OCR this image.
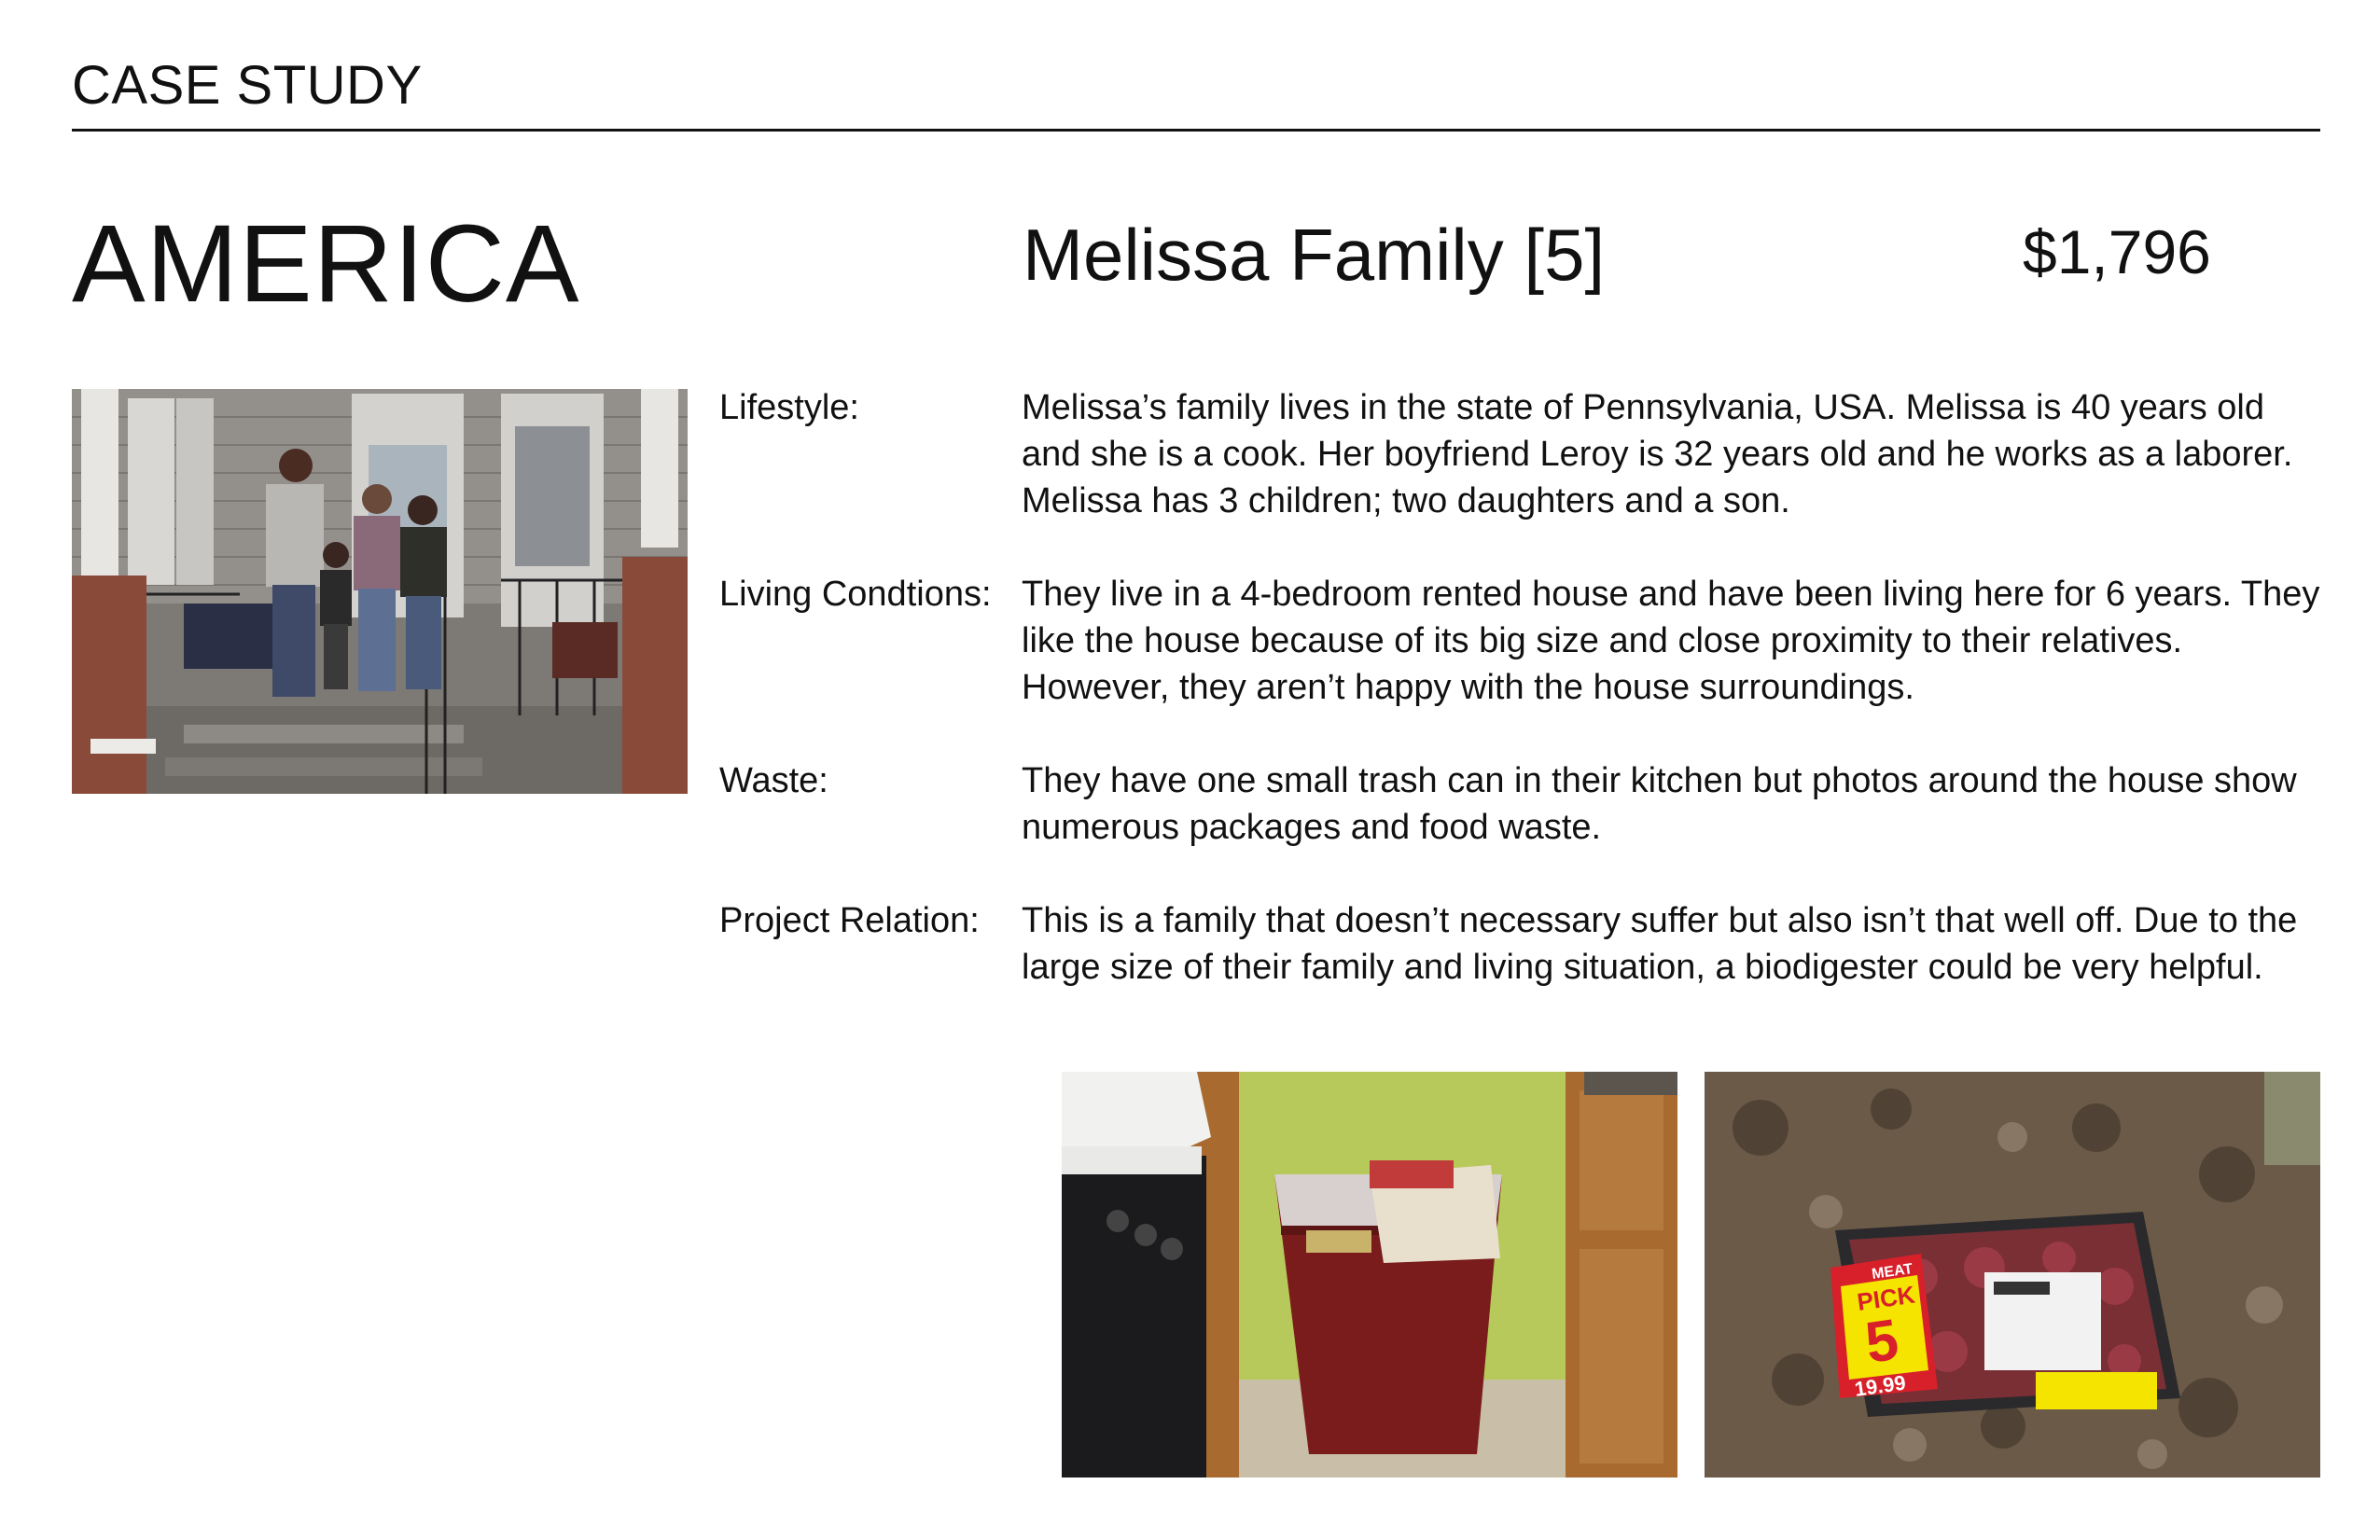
CASE STUDY
AMERICA	Melissa Family [5]	$1,796
Lifestyle:	Melissa’s family lives in the state of Pennsylvania, USA. Melissa is 40 years old and she is a cook. Her boyfriend Leroy is 32 years old and he works as a laborer. Melissa has 3 children; two daughters and a son.
Living Condtions: They live in a 4-bedroom rented house and have been living here for 6 years. They like the house because of its big size and close proximity to their relatives. However, they aren’t happy with the house surroundings.
Waste:	They have one small trash can in their kitchen but photos around the house show numerous packages and food waste.
Project Relation: This is a family that doesn’t necessary suffer but also isn’t that well off. Due to the large size of their family and living situation, a biodigester could be very helpful.
MEAT
PICK
5
19.99
